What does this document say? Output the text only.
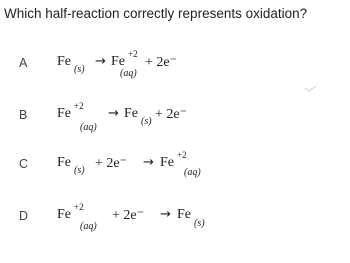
Which half-reaction correctly represents oxidation?
A Fe
(s)
→ Fe +2
(aq)
+ 2e⁻
B Fe +2
(aq)
→ Fe
(s) + 2e⁻
C Fe
(s) + 2e⁻ → Fe +2
(aq)
D Fe +2
(aq)
+ 2e⁻ → Fe
(s)
